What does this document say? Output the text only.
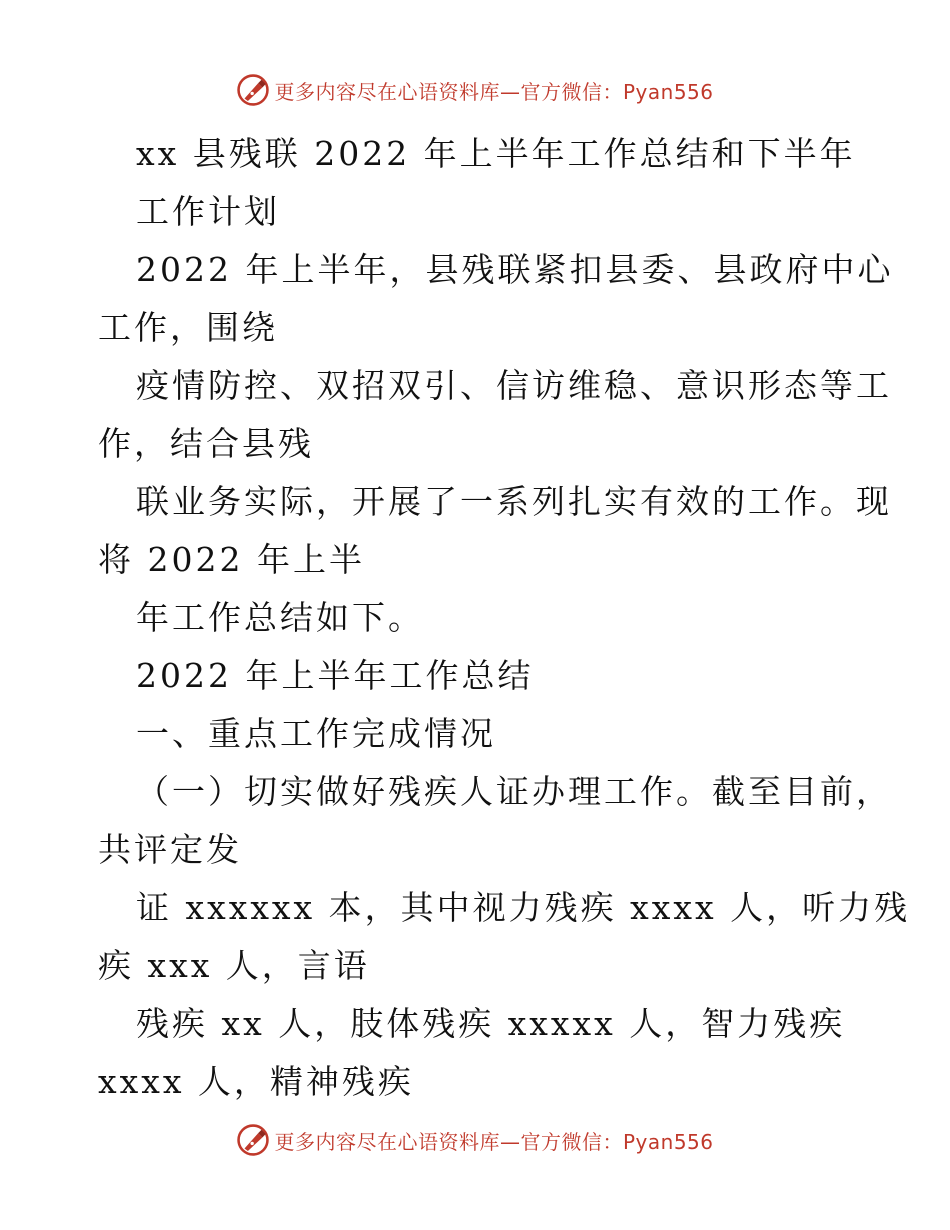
更多内容尽在心语资料库—官方微信：Pyan556
xx 县残联 2022 年上半年工作总结和下半年
工作计划
2022 年上半年，县残联紧扣县委、县政府中心
工作，围绕
疫情防控、双招双引、信访维稳、意识形态等工
作，结合县残
联业务实际，开展了一系列扎实有效的工作。现
将 2022 年上半
年工作总结如下。
2022 年上半年工作总结
一、重点工作完成情况
（一）切实做好残疾人证办理工作。截至目前，
共评定发
证 xxxxxx 本，其中视力残疾 xxxx 人，听力残
疾 xxx 人，言语
残疾 xx 人，肢体残疾 xxxxx 人，智力残疾
xxxx 人，精神残疾
更多内容尽在心语资料库—官方微信：Pyan556
